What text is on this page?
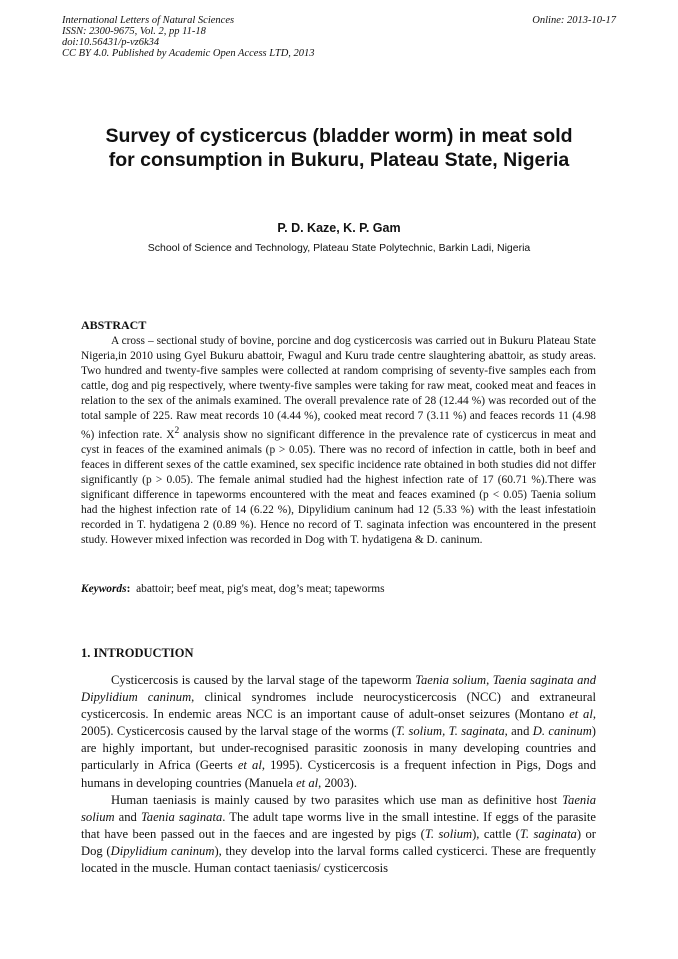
International Letters of Natural Sciences
ISSN: 2300-9675, Vol. 2, pp 11-18
doi:10.56431/p-vz6k34
CC BY 4.0. Published by Academic Open Access LTD, 2013
Online: 2013-10-17
Survey of cysticercus (bladder worm) in meat sold
for consumption in Bukuru, Plateau State, Nigeria
P. D. Kaze, K. P. Gam
School of Science and Technology, Plateau State Polytechnic, Barkin Ladi, Nigeria
ABSTRACT
A cross – sectional study of bovine, porcine and dog cysticercosis was carried out in Bukuru Plateau State Nigeria,in 2010 using Gyel Bukuru abattoir, Fwagul and Kuru trade centre slaughtering abattoir, as study areas. Two hundred and twenty-five samples were collected at random comprising of seventy-five samples each from cattle, dog and pig respectively, where twenty-five samples were taking for raw meat, cooked meat and feaces in relation to the sex of the animals examined. The overall prevalence rate of 28 (12.44 %) was recorded out of the total sample of 225. Raw meat records 10 (4.44 %), cooked meat record 7 (3.11 %) and feaces records 11 (4.98 %) infection rate. $X^2$ analysis show no significant difference in the prevalence rate of cysticercus in meat and cyst in feaces of the examined animals (p > 0.05). There was no record of infection in cattle, both in beef and feaces in different sexes of the cattle examined, sex specific incidence rate obtained in both studies did not differ significantly (p > 0.05). The female animal studied had the highest infection rate of 17 (60.71 %).There was significant difference in tapeworms encountered with the meat and feaces examined (p < 0.05) Taenia solium had the highest infection rate of 14 (6.22 %), Dipylidium caninum had 12 (5.33 %) with the least infestatioin recorded in T. hydatigena 2 (0.89 %). Hence no record of T. saginata infection was encountered in the present study. However mixed infection was recorded in Dog with T. hydatigena & D. caninum.
Keywords: abattoir; beef meat, pig's meat, dog’s meat; tapeworms
1. INTRODUCTION

Cysticercosis is caused by the larval stage of the tapeworm Taenia solium, Taenia saginata and Dipylidium caninum, clinical syndromes include neurocysticercosis (NCC) and extraneural cysticercosis. In endemic areas NCC is an important cause of adult-onset seizures (Montano et al, 2005). Cysticercosis caused by the larval stage of the worms (T. solium, T. saginata, and D. caninum) are highly important, but under-recognised parasitic zoonosis in many developing countries and particularly in Africa (Geerts et al, 1995). Cysticercosis is a frequent infection in Pigs, Dogs and humans in developing countries (Manuela et al, 2003).

Human taeniasis is mainly caused by two parasites which use man as definitive host Taenia solium and Taenia saginata. The adult tape worms live in the small intestine. If eggs of the parasite that have been passed out in the faeces and are ingested by pigs (T. solium), cattle (T. saginata) or Dog (Dipylidium caninum), they develop into the larval forms called cysticerci. These are frequently located in the muscle. Human contact taeniasis/ cysticercosis
